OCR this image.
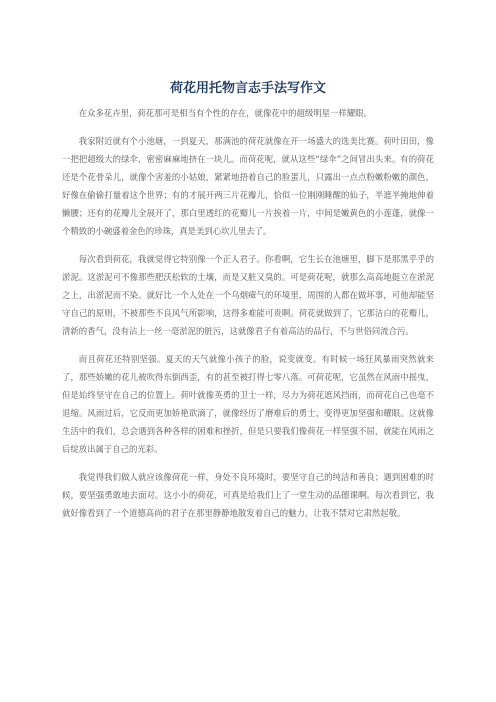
荷花用托物言志手法写作文

在众多花卉里，荷花那可是相当有个性的存在，就像花中的超级明星一样耀眼。

我家附近就有个小池塘，一到夏天，那满池的荷花就像在开一场盛大的选美比赛。荷叶田田，像一把把超级大的绿伞，密密麻麻地挤在一块儿。而荷花呢，就从这些“绿伞”之间冒出头来。有的荷花还是个花骨朵儿，就像个害羞的小姑娘，紧紧地捂着自己的脸蛋儿，只露出一点点粉嫩粉嫩的颜色，好像在偷偷打量着这个世界；有的才展开两三片花瓣儿，恰似一位刚刚睡醒的仙子，半遮半掩地伸着懒腰；还有的花瓣儿全展开了，那白里透红的花瓣儿一片挨着一片，中间是嫩黄色的小莲蓬，就像一个精致的小碗盛着金色的珍珠，真是美到心坎儿里去了。

每次看到荷花，我就觉得它特别像一个正人君子。你看啊，它生长在池塘里，脚下是那黑乎乎的淤泥。这淤泥可不像那些肥沃松软的土壤，而是又脏又臭的。可是荷花呢，就那么高高地挺立在淤泥之上，出淤泥而不染。就好比一个人处在一个乌烟瘴气的环境里，周围的人都在做坏事，可他却能坚守自己的原则，不被那些不良风气所影响，这得多难能可贵啊。荷花就做到了，它那洁白的花瓣儿，清新的香气，没有沾上一丝一毫淤泥的脏污，这就像君子有着高洁的品行，不与世俗同流合污。

而且荷花还特别坚强。夏天的天气就像小孩子的脸，说变就变。有时候一场狂风暴雨突然就来了，那些娇嫩的花儿被吹得东倒西歪，有的甚至被打得七零八落。可荷花呢，它虽然在风雨中摇曳，但是始终坚守在自己的位置上。荷叶就像英勇的卫士一样，尽力为荷花遮风挡雨，而荷花自己也毫不退缩。风雨过后，它反而更加娇艳欲滴了，就像经历了磨难后的勇士，变得更加坚强和耀眼。这就像生活中的我们，总会遇到各种各样的困难和挫折，但是只要我们像荷花一样坚强不屈，就能在风雨之后绽放出属于自己的光彩。

我觉得我们做人就应该像荷花一样，身处不良环境时，要坚守自己的纯洁和善良；遇到困难的时候，要坚强勇敢地去面对。这小小的荷花，可真是给我们上了一堂生动的品德课啊。每次看到它，我就好像看到了一个道德高尚的君子在那里静静地散发着自己的魅力，让我不禁对它肃然起敬。
